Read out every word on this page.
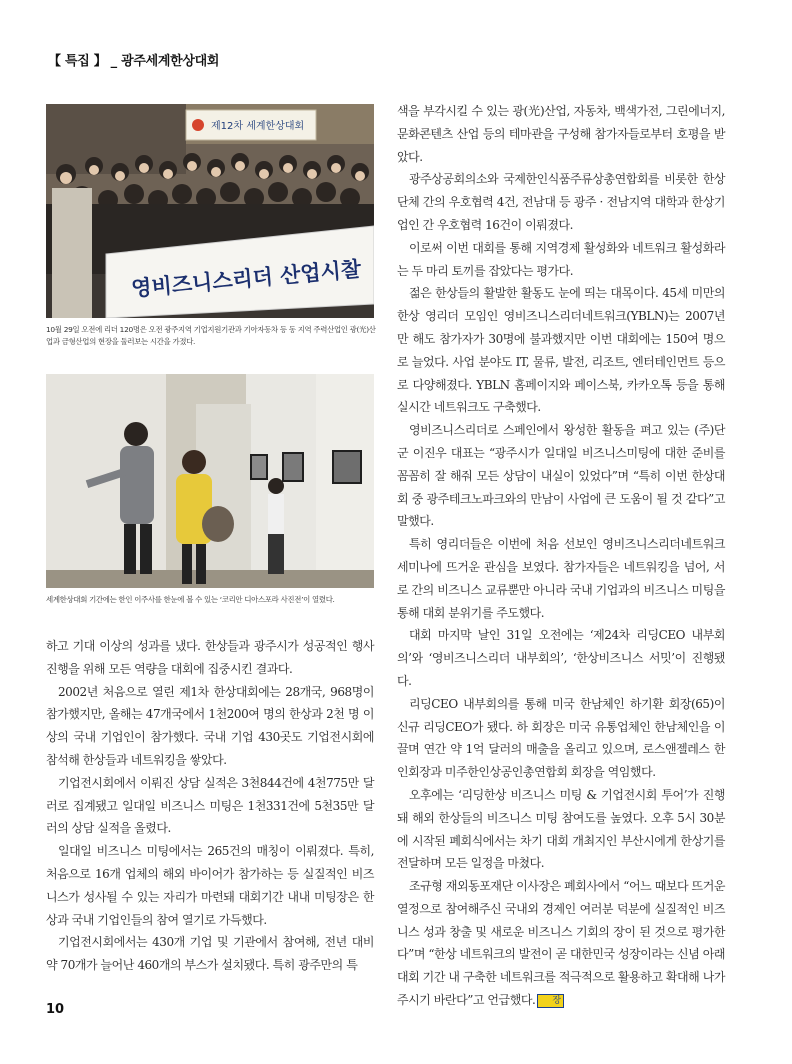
【 특집 】 _ 광주세계한상대회
제12차 세계한상대회
영비즈니스리더 산업시찰
10월 29일 오전에 리더 120명은 오전 광주지역 기업지원기관과 기아자동차 등 동 지역 주력산업인 광(光)산업과 금형산업의 현장을 둘러보는 시간을 가졌다.
세계한상대회 기간에는 한인 이주사를 한눈에 볼 수 있는 ‘코리안 디아스포라 사진전’이 열렸다.

하고 기대 이상의 성과를 냈다. 한상들과 광주시가 성공적인 행사 진행을 위해 모든 역량을 대회에 집중시킨 결과다.

2002년 처음으로 열린 제1차 한상대회에는 28개국, 968명이 참가했지만, 올해는 47개국에서 1천200여 명의 한상과 2천 명 이상의 국내 기업인이 참가했다. 국내 기업 430곳도 기업전시회에 참석해 한상들과 네트워킹을 쌓았다.

기업전시회에서 이뤄진 상담 실적은 3천844건에 4천775만 달러로 집계됐고 일대일 비즈니스 미팅은 1천331건에 5천35만 달러의 상담 실적을 올렸다.

일대일 비즈니스 미팅에서는 265건의 매칭이 이뤄졌다. 특히, 처음으로 16개 업체의 해외 바이어가 참가하는 등 실질적인 비즈니스가 성사될 수 있는 자리가 마련돼 대회기간 내내 미팅장은 한상과 국내 기업인들의 참여 열기로 가득했다.

기업전시회에서는 430개 기업 및 기관에서 참여해, 전년 대비 약 70개가 늘어난 460개의 부스가 설치됐다. 특히 광주만의 특

색을 부각시킬 수 있는 광(光)산업, 자동차, 백색가전, 그린에너지, 문화콘텐츠 산업 등의 테마관을 구성해 참가자들로부터 호평을 받았다.

광주상공회의소와 국제한인식품주류상총연합회를 비롯한 한상단체 간의 우호협력 4건, 전남대 등 광주 · 전남지역 대학과 한상기업인 간 우호협력 16건이 이뤄졌다.

이로써 이번 대회를 통해 지역경제 활성화와 네트워크 활성화라는 두 마리 토끼를 잡았다는 평가다.

젊은 한상들의 활발한 활동도 눈에 띄는 대목이다. 45세 미만의 한상 영리더 모임인 영비즈니스리더네트워크(YBLN)는 2007년만 해도 참가자가 30명에 불과했지만 이번 대회에는 150여 명으로 늘었다. 사업 분야도 IT, 물류, 발전, 리조트, 엔터테인먼트 등으로 다양해졌다. YBLN 홈페이지와 페이스북, 카카오톡 등을 통해 실시간 네트워크도 구축했다.

영비즈니스리더로 스페인에서 왕성한 활동을 펴고 있는 (주)단군 이진우 대표는 “광주시가 일대일 비즈니스미팅에 대한 준비를 꼼꼼히 잘 해줘 모든 상담이 내실이 있었다”며 “특히 이번 한상대회 중 광주테크노파크와의 만남이 사업에 큰 도움이 될 것 같다”고 말했다.

특히 영리더들은 이번에 처음 선보인 영비즈니스리더네트워크 세미나에 뜨거운 관심을 보였다. 참가자들은 네트워킹을 넘어, 서로 간의 비즈니스 교류뿐만 아니라 국내 기업과의 비즈니스 미팅을 통해 대회 분위기를 주도했다.

대회 마지막 날인 31일 오전에는 ‘제24차 리딩CEO 내부회의’와 ‘영비즈니스리더 내부회의’, ‘한상비즈니스 서밋’이 진행됐다.

리딩CEO 내부회의를 통해 미국 한남체인 하기환 회장(65)이 신규 리딩CEO가 됐다. 하 회장은 미국 유통업체인 한남체인을 이끌며 연간 약 1억 달러의 매출을 올리고 있으며, 로스앤젤레스 한인회장과 미주한인상공인총연합회 회장을 역임했다.

오후에는 ‘리딩한상 비즈니스 미팅 & 기업전시회 투어’가 진행돼 해외 한상들의 비즈니스 미팅 참여도를 높였다. 오후 5시 30분에 시작된 폐회식에서는 차기 대회 개최지인 부산시에게 한상기를 전달하며 모든 일정을 마쳤다.

조규형 재외동포재단 이사장은 폐회사에서 “어느 때보다 뜨거운 열정으로 참여해주신 국내외 경제인 여러분 덕분에 실질적인 비즈니스 성과 창출 및 새로운 비즈니스 기회의 장이 된 것으로 평가한다”며 “한상 네트워크의 발전이 곧 대한민국 성장이라는 신념 아래 대회 기간 내 구축한 네트워크를 적극적으로 활용하고 확대해 나가주시기 바란다”고 언급했다. 장

10
